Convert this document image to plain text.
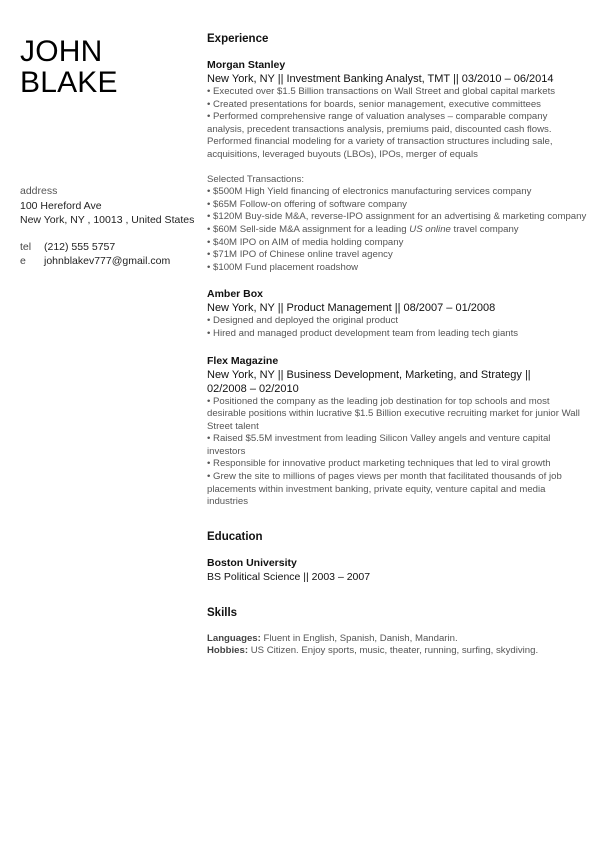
JOHN
BLAKE
address
100 Hereford Ave
New York, NY , 10013 , United States
tel	(212) 555 5757
e	johnblakev777@gmail.com
Experience
Morgan Stanley
New York, NY || Investment Banking Analyst, TMT || 03/2010 – 06/2014
• Executed over $1.5 Billion transactions on Wall Street and global capital markets
• Created presentations for boards, senior management, executive committees
• Performed comprehensive range of valuation analyses – comparable company analysis, precedent transactions analysis, premiums paid, discounted cash flows. Performed financial modeling for a variety of transaction structures including sale, acquisitions, leveraged buyouts (LBOs), IPOs, merger of equals
Selected Transactions:
• $500M High Yield financing of electronics manufacturing services company
• $65M Follow-on offering of software company
• $120M Buy-side M&A, reverse-IPO assignment for an advertising & marketing company
• $60M Sell-side M&A assignment for a leading US online travel company
• $40M IPO on AIM of media holding company
• $71M IPO of Chinese online travel agency
• $100M Fund placement roadshow
Amber Box
New York, NY || Product Management || 08/2007 – 01/2008
• Designed and deployed the original product
• Hired and managed product development team from leading tech giants
Flex Magazine
New York, NY || Business Development, Marketing, and Strategy || 02/2008 – 02/2010
• Positioned the company as the leading job destination for top schools and most desirable positions within lucrative $1.5 Billion executive recruiting market for junior Wall Street talent
• Raised $5.5M investment from leading Silicon Valley angels and venture capital investors
• Responsible for innovative product marketing techniques that led to viral growth
• Grew the site to millions of pages views per month that facilitated thousands of job placements within investment banking, private equity, venture capital and media industries
Education
Boston University
BS Political Science || 2003 – 2007
Skills
Languages: Fluent in English, Spanish, Danish, Mandarin.
Hobbies: US Citizen. Enjoy sports, music, theater, running, surfing, skydiving.
